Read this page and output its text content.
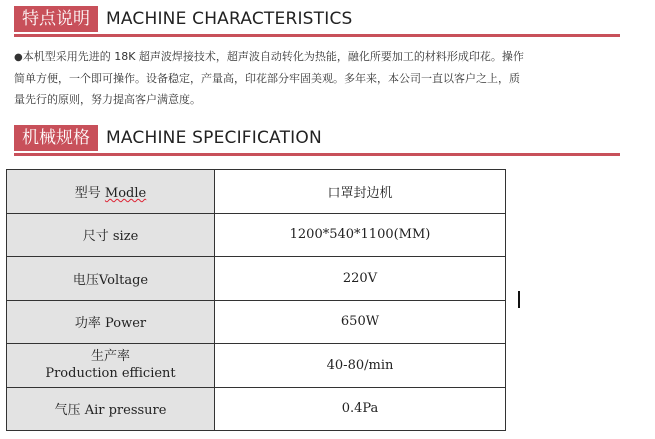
特点说明 MACHINE CHARACTERISTICS
●本机型采用先进的 18K 超声波焊接技术，超声波自动转化为热能，融化所要加工的材料形成印花。操作
简单方便，一个即可操作。设备稳定，产量高，印花部分牢固美观。多年来，本公司一直以客户之上，质
量先行的原则，努力提高客户满意度。
机械规格 MACHINE SPECIFICATION
型号 Modle	口罩封边机
尺寸 size	1200*540*1100(MM)
电压Voltage	220V
功率 Power	650W

生产率
Production efficient	40-80/min
气压 Air pressure	0.4Pa
